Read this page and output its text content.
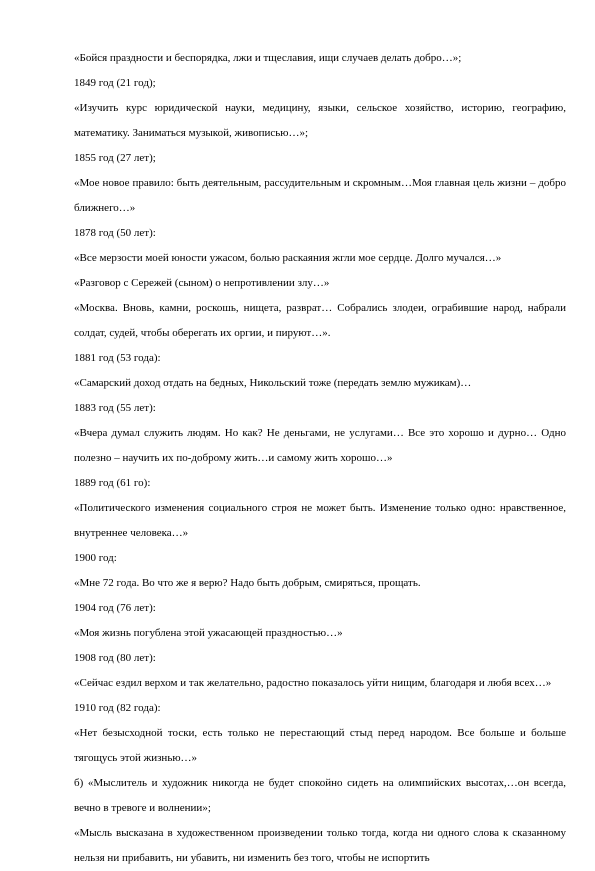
«Бойся праздности и беспорядка, лжи и тщеславия, ищи случаев делать добро…»;

1849 год (21 год);

«Изучить курс юридической науки, медицину, языки, сельское хозяйство, историю, географию, математику. Заниматься музыкой, живописью…»;

1855 год (27 лет);

«Мое новое правило: быть деятельным, рассудительным и скромным…Моя главная цель жизни – добро ближнего…»

1878 год (50 лет):

«Все мерзости моей юности ужасом, болью раскаяния жгли мое сердце. Долго мучался…»

«Разговор с Сережей (сыном) о непротивлении злу…»

«Москва. Вновь, камни, роскошь, нищета, разврат… Собрались злодеи, ограбившие народ, набрали солдат, судей, чтобы оберегать их оргии, и пируют…».

1881 год (53 года):

«Самарский доход отдать на бедных, Никольский тоже (передать землю мужикам)…

1883 год (55 лет):

«Вчера думал служить людям. Но как? Не деньгами, не услугами… Все это хорошо и дурно… Одно полезно – научить их по-доброму жить…и самому жить хорошо…»

1889 год (61 го):

«Политического изменения социального строя не может быть. Изменение только одно: нравственное, внутреннее человека…»

1900 год:

«Мне 72 года. Во что же я верю? Надо быть добрым, смиряться, прощать.

1904 год (76 лет):

«Моя жизнь погублена этой ужасающей праздностью…»

1908 год (80 лет):

«Сейчас ездил верхом и так желательно, радостно показалось уйти нищим, благодаря и любя всех…»

1910 год (82 года):

«Нет безысходной тоски, есть только не перестающий стыд перед народом. Все больше и больше тягощусь этой жизнью…»

б) «Мыслитель и художник никогда не будет спокойно сидеть на олимпийских высотах,…он всегда, вечно в тревоге и волнении»;

«Мысль высказана в художественном произведении только тогда, когда ни одного слова к сказанному нельзя ни прибавить, ни убавить, ни изменить без того, чтобы не испортить
